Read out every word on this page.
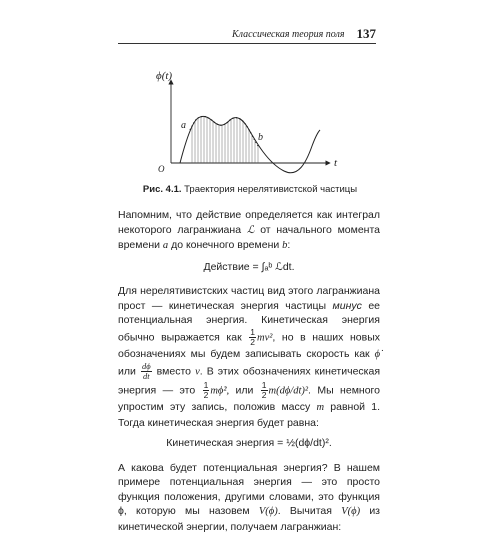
Классическая теория поля 137
ϕ(t)
t
O
a
b
Рис. 4.1. Траектория нерелятивистской частицы

Напомним, что действие определяется как интеграл некоторого лагранжиана ℒ от начального момента времени a до конечного времени b:

Действие = ∫ₐᵇ ℒdt.

Для нерелятивистских частиц вид этого лагранжиана прост — кинетическая энергия частицы минус ее потенциальная энергия. Кинетическая энергия обычно выражается как $\frac{1}{2} mv^2$, но в наших новых обозначениях мы будем записывать скорость как ϕ̇ или $\frac{d\phi}{dt}$ вместо v. В этих обозначениях кинетическая энергия — это $\frac{1}{2}$ mϕ̇², или $\frac{1}{2} m(d\phi/dt)^2$. Мы немного упростим эту запись, положив массу m равной 1. Тогда кинетическая энергия будет равна:

Кинетическая энергия = ½(dϕ/dt)².

А какова будет потенциальная энергия? В нашем примере потенциальная энергия — это просто функция положения, другими словами, это функция ϕ, которую мы назовем V(ϕ). Вычитая V(ϕ) из кинетической энергии, получаем лагранжиан:
